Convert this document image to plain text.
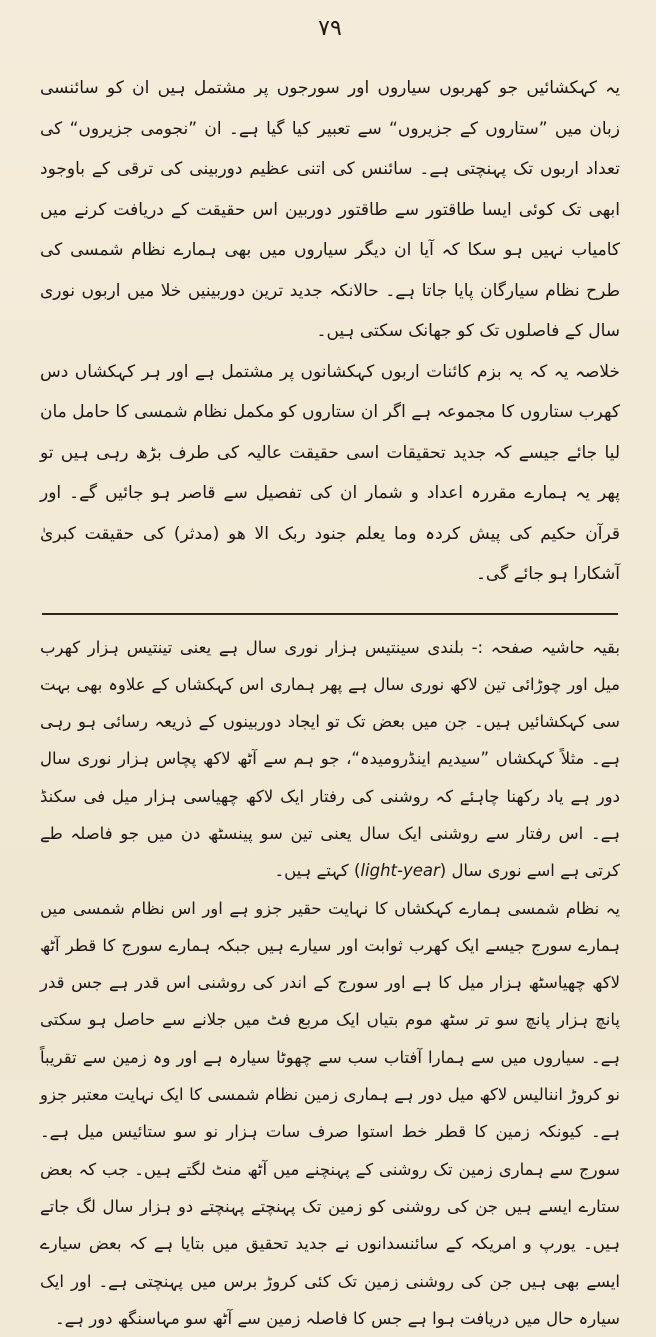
۷۹

یہ کہکشائیں جو کھربوں سیاروں اور سورجوں پر مشتمل ہیں ان کو سائنسی زبان میں ”ستاروں کے جزیروں“ سے تعبیر کیا گیا ہے۔ ان ”نجومی جزیروں“ کی تعداد اربوں تک پہنچتی ہے۔ سائنس کی اتنی عظیم دوربینی کی ترقی کے باوجود ابھی تک کوئی ایسا طاقتور سے طاقتور دوربین اس حقیقت کے دریافت کرنے میں کامیاب نہیں ہو سکا کہ آیا ان دیگر سیاروں میں بھی ہمارے نظام شمسی کی طرح نظام سیارگان پایا جاتا ہے۔ حالانکہ جدید ترین دوربینیں خلا میں اربوں نوری سال کے فاصلوں تک کو جھانک سکتی ہیں۔

خلاصہ یہ کہ یہ بزم کائنات اربوں کہکشانوں پر مشتمل ہے اور ہر کہکشاں دس کھرب ستاروں کا مجموعہ ہے اگر ان ستاروں کو مکمل نظام شمسی کا حامل مان لیا جائے جیسے کہ جدید تحقیقات اسی حقیقت عالیہ کی طرف بڑھ رہی ہیں تو پھر یہ ہمارے مقررہ اعداد و شمار ان کی تفصیل سے قاصر ہو جائیں گے۔ اور قرآن حکیم کی پیش کردہ وما یعلم جنود ربک الا ھو (مدثر) کی حقیقت کبریٰ آشکارا ہو جائے گی۔

بقیہ حاشیہ صفحہ :- بلندی سینتیس ہزار نوری سال ہے یعنی تینتیس ہزار کھرب میل اور چوڑائی تین لاکھ نوری سال ہے پھر ہماری اس کہکشاں کے علاوہ بھی بہت سی کہکشائیں ہیں۔ جن میں بعض تک تو ایجاد دوربینوں کے ذریعہ رسائی ہو رہی ہے۔ مثلاً کہکشاں ”سیدیم اینڈرومیدہ“، جو ہم سے آٹھ لاکھ پچاس ہزار نوری سال دور ہے یاد رکھنا چاہئے کہ روشنی کی رفتار ایک لاکھ چھیاسی ہزار میل فی سکنڈ ہے۔ اس رفتار سے روشنی ایک سال یعنی تین سو پینسٹھ دن میں جو فاصلہ طے کرتی ہے اسے نوری سال (light-year) کہتے ہیں۔

یہ نظام شمسی ہمارے کہکشاں کا نہایت حقیر جزو ہے اور اس نظام شمسی میں ہمارے سورج جیسے ایک کھرب ثوابت اور سیارے ہیں جبکہ ہمارے سورج کا قطر آٹھ لاکھ چھیاسٹھ ہزار میل کا ہے اور سورج کے اندر کی روشنی اس قدر ہے جس قدر پانچ ہزار پانچ سو تر سٹھ موم بتیاں ایک مربع فٹ میں جلانے سے حاصل ہو سکتی ہے۔ سیاروں میں سے ہمارا آفتاب سب سے چھوٹا سیارہ ہے اور وہ زمین سے تقریباً نو کروڑ اننالیس لاکھ میل دور ہے ہماری زمین نظام شمسی کا ایک نہایت معتبر جزو ہے۔ کیونکہ زمین کا قطر خط استوا صرف سات ہزار نو سو ستائیس میل ہے۔ سورج سے ہماری زمین تک روشنی کے پہنچنے میں آٹھ منٹ لگتے ہیں۔ جب کہ بعض ستارے ایسے ہیں جن کی روشنی کو زمین تک پہنچتے پہنچتے دو ہزار سال لگ جاتے ہیں۔ یورپ و امریکہ کے سائنسدانوں نے جدید تحقیق میں بتایا ہے کہ بعض سیارے ایسے بھی ہیں جن کی روشنی زمین تک کئی کروڑ برس میں پہنچتی ہے۔ اور ایک سیارہ حال میں دریافت ہوا ہے جس کا فاصلہ زمین سے آٹھ سو مہاسنگھ دور ہے۔
